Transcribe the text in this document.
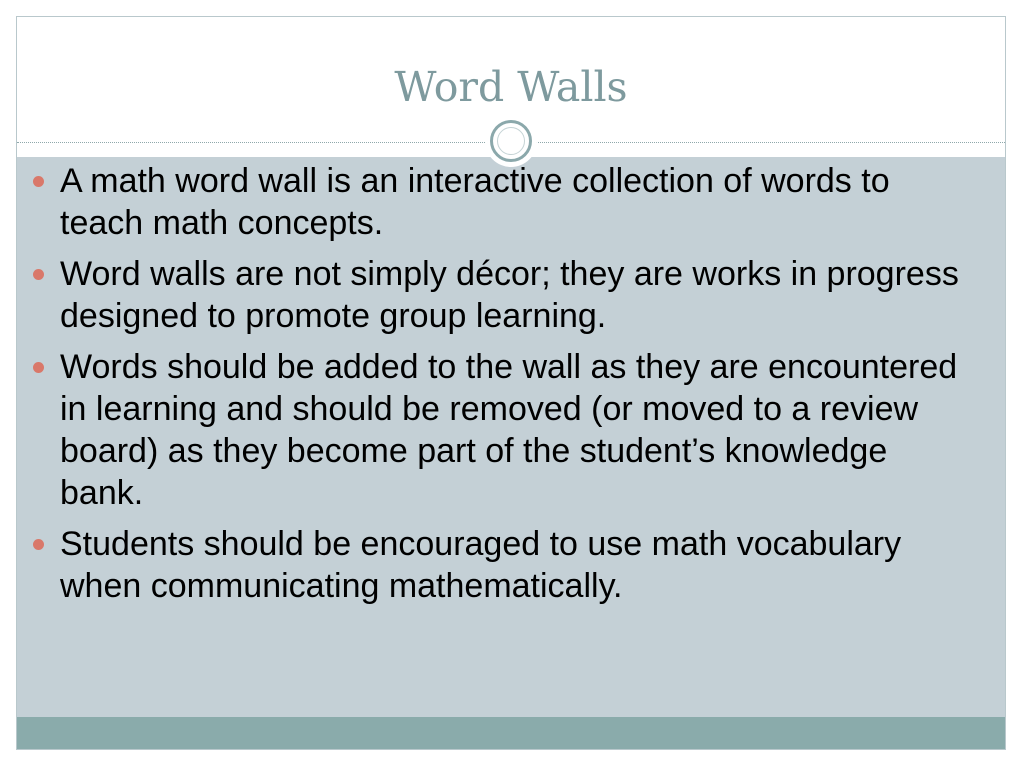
Word Walls
A math word wall is an interactive collection of words to teach math concepts.
Word walls are not simply décor; they are works in progress designed to promote group learning.
Words should be added to the wall as they are encountered in learning and should be removed (or moved to a review board) as they become part of the student’s knowledge bank.
Students should be encouraged to use math vocabulary when communicating mathematically.
